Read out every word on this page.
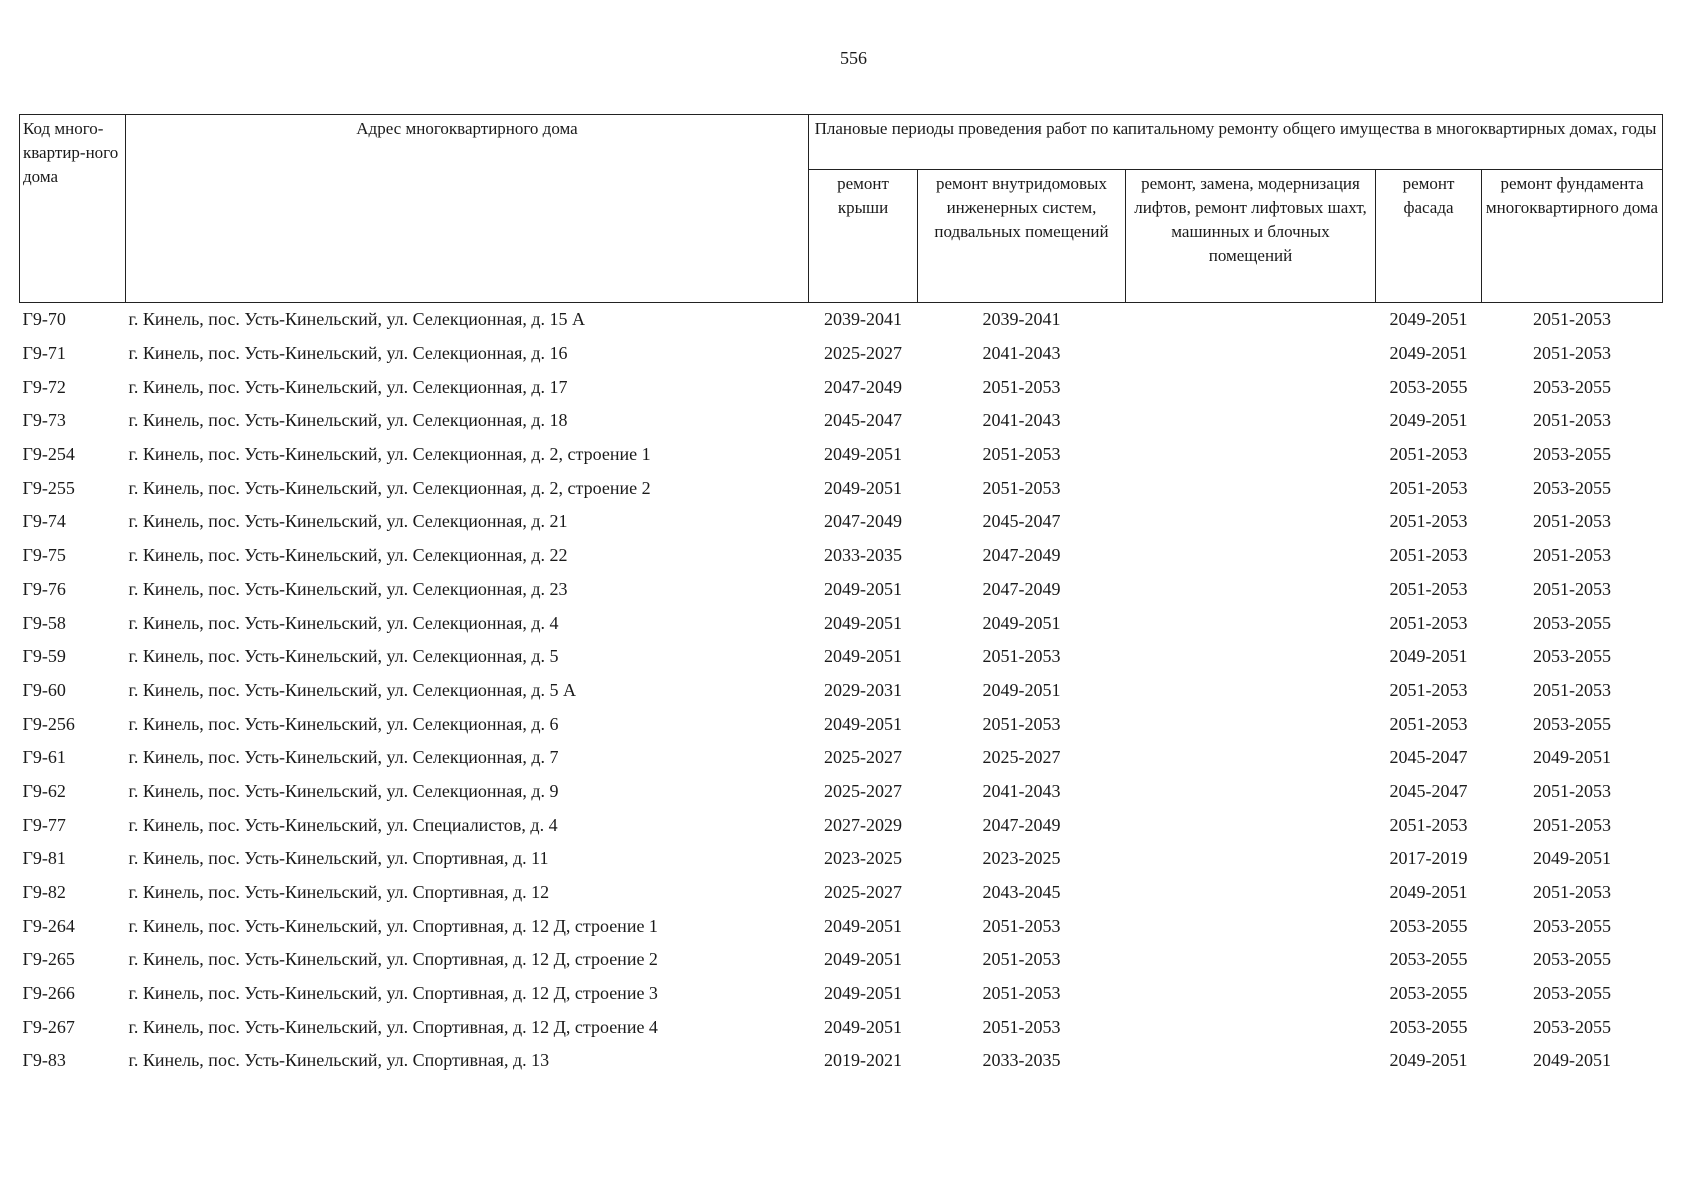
556
Код много-квартир-ного дома	Адрес многоквартирного дома	Плановые периоды проведения работ по капитальному ремонту общего имущества в многоквартирных домах, годы				
		ремонт крыши	ремонт внутридомовых инженерных систем, подвальных помещений	ремонт, замена, модернизация лифтов, ремонт лифтовых шахт, машинных и блочных помещений	ремонт фасада	ремонт фундамента многоквартирного дома
Г9-70	г. Кинель, пос. Усть-Кинельский, ул. Селекционная, д. 15 А	2039-2041	2039-2041		2049-2051	2051-2053
Г9-71	г. Кинель, пос. Усть-Кинельский, ул. Селекционная, д. 16	2025-2027	2041-2043		2049-2051	2051-2053
Г9-72	г. Кинель, пос. Усть-Кинельский, ул. Селекционная, д. 17	2047-2049	2051-2053		2053-2055	2053-2055
Г9-73	г. Кинель, пос. Усть-Кинельский, ул. Селекционная, д. 18	2045-2047	2041-2043		2049-2051	2051-2053
Г9-254	г. Кинель, пос. Усть-Кинельский, ул. Селекционная, д. 2, строение 1	2049-2051	2051-2053		2051-2053	2053-2055
Г9-255	г. Кинель, пос. Усть-Кинельский, ул. Селекционная, д. 2, строение 2	2049-2051	2051-2053		2051-2053	2053-2055
Г9-74	г. Кинель, пос. Усть-Кинельский, ул. Селекционная, д. 21	2047-2049	2045-2047		2051-2053	2051-2053
Г9-75	г. Кинель, пос. Усть-Кинельский, ул. Селекционная, д. 22	2033-2035	2047-2049		2051-2053	2051-2053
Г9-76	г. Кинель, пос. Усть-Кинельский, ул. Селекционная, д. 23	2049-2051	2047-2049		2051-2053	2051-2053
Г9-58	г. Кинель, пос. Усть-Кинельский, ул. Селекционная, д. 4	2049-2051	2049-2051		2051-2053	2053-2055
Г9-59	г. Кинель, пос. Усть-Кинельский, ул. Селекционная, д. 5	2049-2051	2051-2053		2049-2051	2053-2055
Г9-60	г. Кинель, пос. Усть-Кинельский, ул. Селекционная, д. 5 А	2029-2031	2049-2051		2051-2053	2051-2053
Г9-256	г. Кинель, пос. Усть-Кинельский, ул. Селекционная, д. 6	2049-2051	2051-2053		2051-2053	2053-2055
Г9-61	г. Кинель, пос. Усть-Кинельский, ул. Селекционная, д. 7	2025-2027	2025-2027		2045-2047	2049-2051
Г9-62	г. Кинель, пос. Усть-Кинельский, ул. Селекционная, д. 9	2025-2027	2041-2043		2045-2047	2051-2053
Г9-77	г. Кинель, пос. Усть-Кинельский, ул. Специалистов, д. 4	2027-2029	2047-2049		2051-2053	2051-2053
Г9-81	г. Кинель, пос. Усть-Кинельский, ул. Спортивная, д. 11	2023-2025	2023-2025		2017-2019	2049-2051
Г9-82	г. Кинель, пос. Усть-Кинельский, ул. Спортивная, д. 12	2025-2027	2043-2045		2049-2051	2051-2053
Г9-264	г. Кинель, пос. Усть-Кинельский, ул. Спортивная, д. 12 Д, строение 1	2049-2051	2051-2053		2053-2055	2053-2055
Г9-265	г. Кинель, пос. Усть-Кинельский, ул. Спортивная, д. 12 Д, строение 2	2049-2051	2051-2053		2053-2055	2053-2055
Г9-266	г. Кинель, пос. Усть-Кинельский, ул. Спортивная, д. 12 Д, строение 3	2049-2051	2051-2053		2053-2055	2053-2055
Г9-267	г. Кинель, пос. Усть-Кинельский, ул. Спортивная, д. 12 Д, строение 4	2049-2051	2051-2053		2053-2055	2053-2055
Г9-83	г. Кинель, пос. Усть-Кинельский, ул. Спортивная, д. 13	2019-2021	2033-2035		2049-2051	2049-2051
